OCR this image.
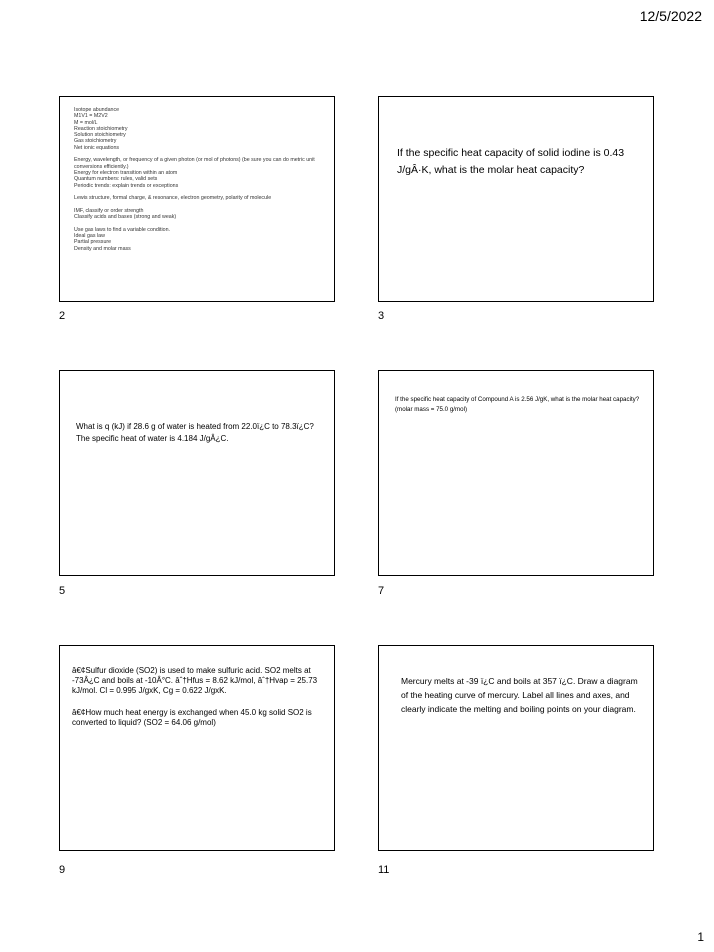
12/5/2022
Isotope abundance
M1V1 = M2V2
M = mol/L
Reaction stoichiometry
Solution stoichiometry
Gas stoichiometry
Net ionic equations
Energy, wavelength, or frequency of a given photon (or mol of photons) (be sure you can do metric unit conversions efficiently.)
Energy for electron transition within an atom
Quantum numbers: rules, valid sets
Periodic trends: explain trends or exceptions
Lewis structure, formal charge, & resonance, electron geometry, polarity of molecule
IMF, classify or order strength
Classify acids and bases (strong and weak)
Use gas laws to find a variable condition.
Ideal gas law
Partial pressure
Density and molar mass
2
If the specific heat capacity of solid iodine is 0.43 J/gÂ·K, what is the molar heat capacity?
3
What is q (kJ) if 28.6 g of water is heated from 22.0ï¿C to 78.3ï¿C? The specific heat of water is 4.184 J/gÂ¿C.
5
If the specific heat capacity of Compound A is 2.56 J/gK, what is the molar heat capacity? (molar mass = 75.0 g/mol)
7
â€¢Sulfur dioxide (SO2) is used to make sulfuric acid. SO2 melts at -73Â¿C and boils at -10Â°C. âˆ†Hfus = 8.62 kJ/mol, âˆ†Hvap = 25.73 kJ/mol. Cl = 0.995 J/gxK, Cg = 0.622 J/gxK.
â€¢How much heat energy is exchanged when 45.0 kg solid SO2 is converted to liquid? (SO2 = 64.06 g/mol)
9
Mercury melts at -39 ï¿C and boils at 357 ï¿C. Draw a diagram of the heating curve of mercury. Label all lines and axes, and clearly indicate the melting and boiling points on your diagram.
11
1
